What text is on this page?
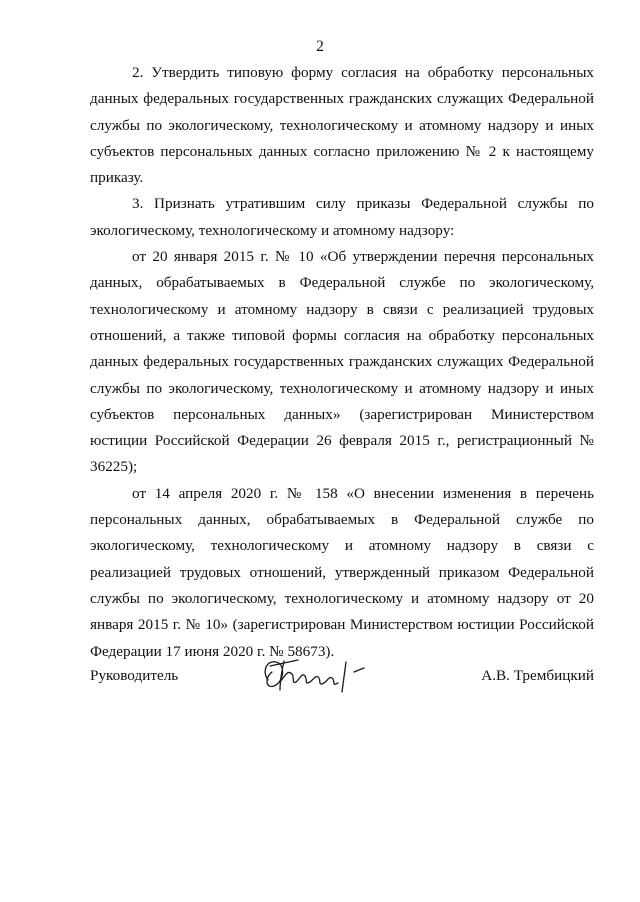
2

2. Утвердить типовую форму согласия на обработку персональных данных федеральных государственных гражданских служащих Федеральной службы по экологическому, технологическому и атомному надзору и иных субъектов персональных данных согласно приложению № 2 к настоящему приказу.

3. Признать утратившим силу приказы Федеральной службы по экологическому, технологическому и атомному надзору:

от 20 января 2015 г. № 10 «Об утверждении перечня персональных данных, обрабатываемых в Федеральной службе по экологическому, технологическому и атомному надзору в связи с реализацией трудовых отношений, а также типовой формы согласия на обработку персональных данных федеральных государственных гражданских служащих Федеральной службы по экологическому, технологическому и атомному надзору и иных субъектов персональных данных» (зарегистрирован Министерством юстиции Российской Федерации 26 февраля 2015 г., регистрационный № 36225);

от 14 апреля 2020 г. № 158 «О внесении изменения в перечень персональных данных, обрабатываемых в Федеральной службе по экологическому, технологическому и атомному надзору в связи с реализацией трудовых отношений, утвержденный приказом Федеральной службы по экологическому, технологическому и атомному надзору от 20 января 2015 г. № 10» (зарегистрирован Министерством юстиции Российской Федерации 17 июня 2020 г. № 58673).

Руководитель	А.В. Трембицкий
